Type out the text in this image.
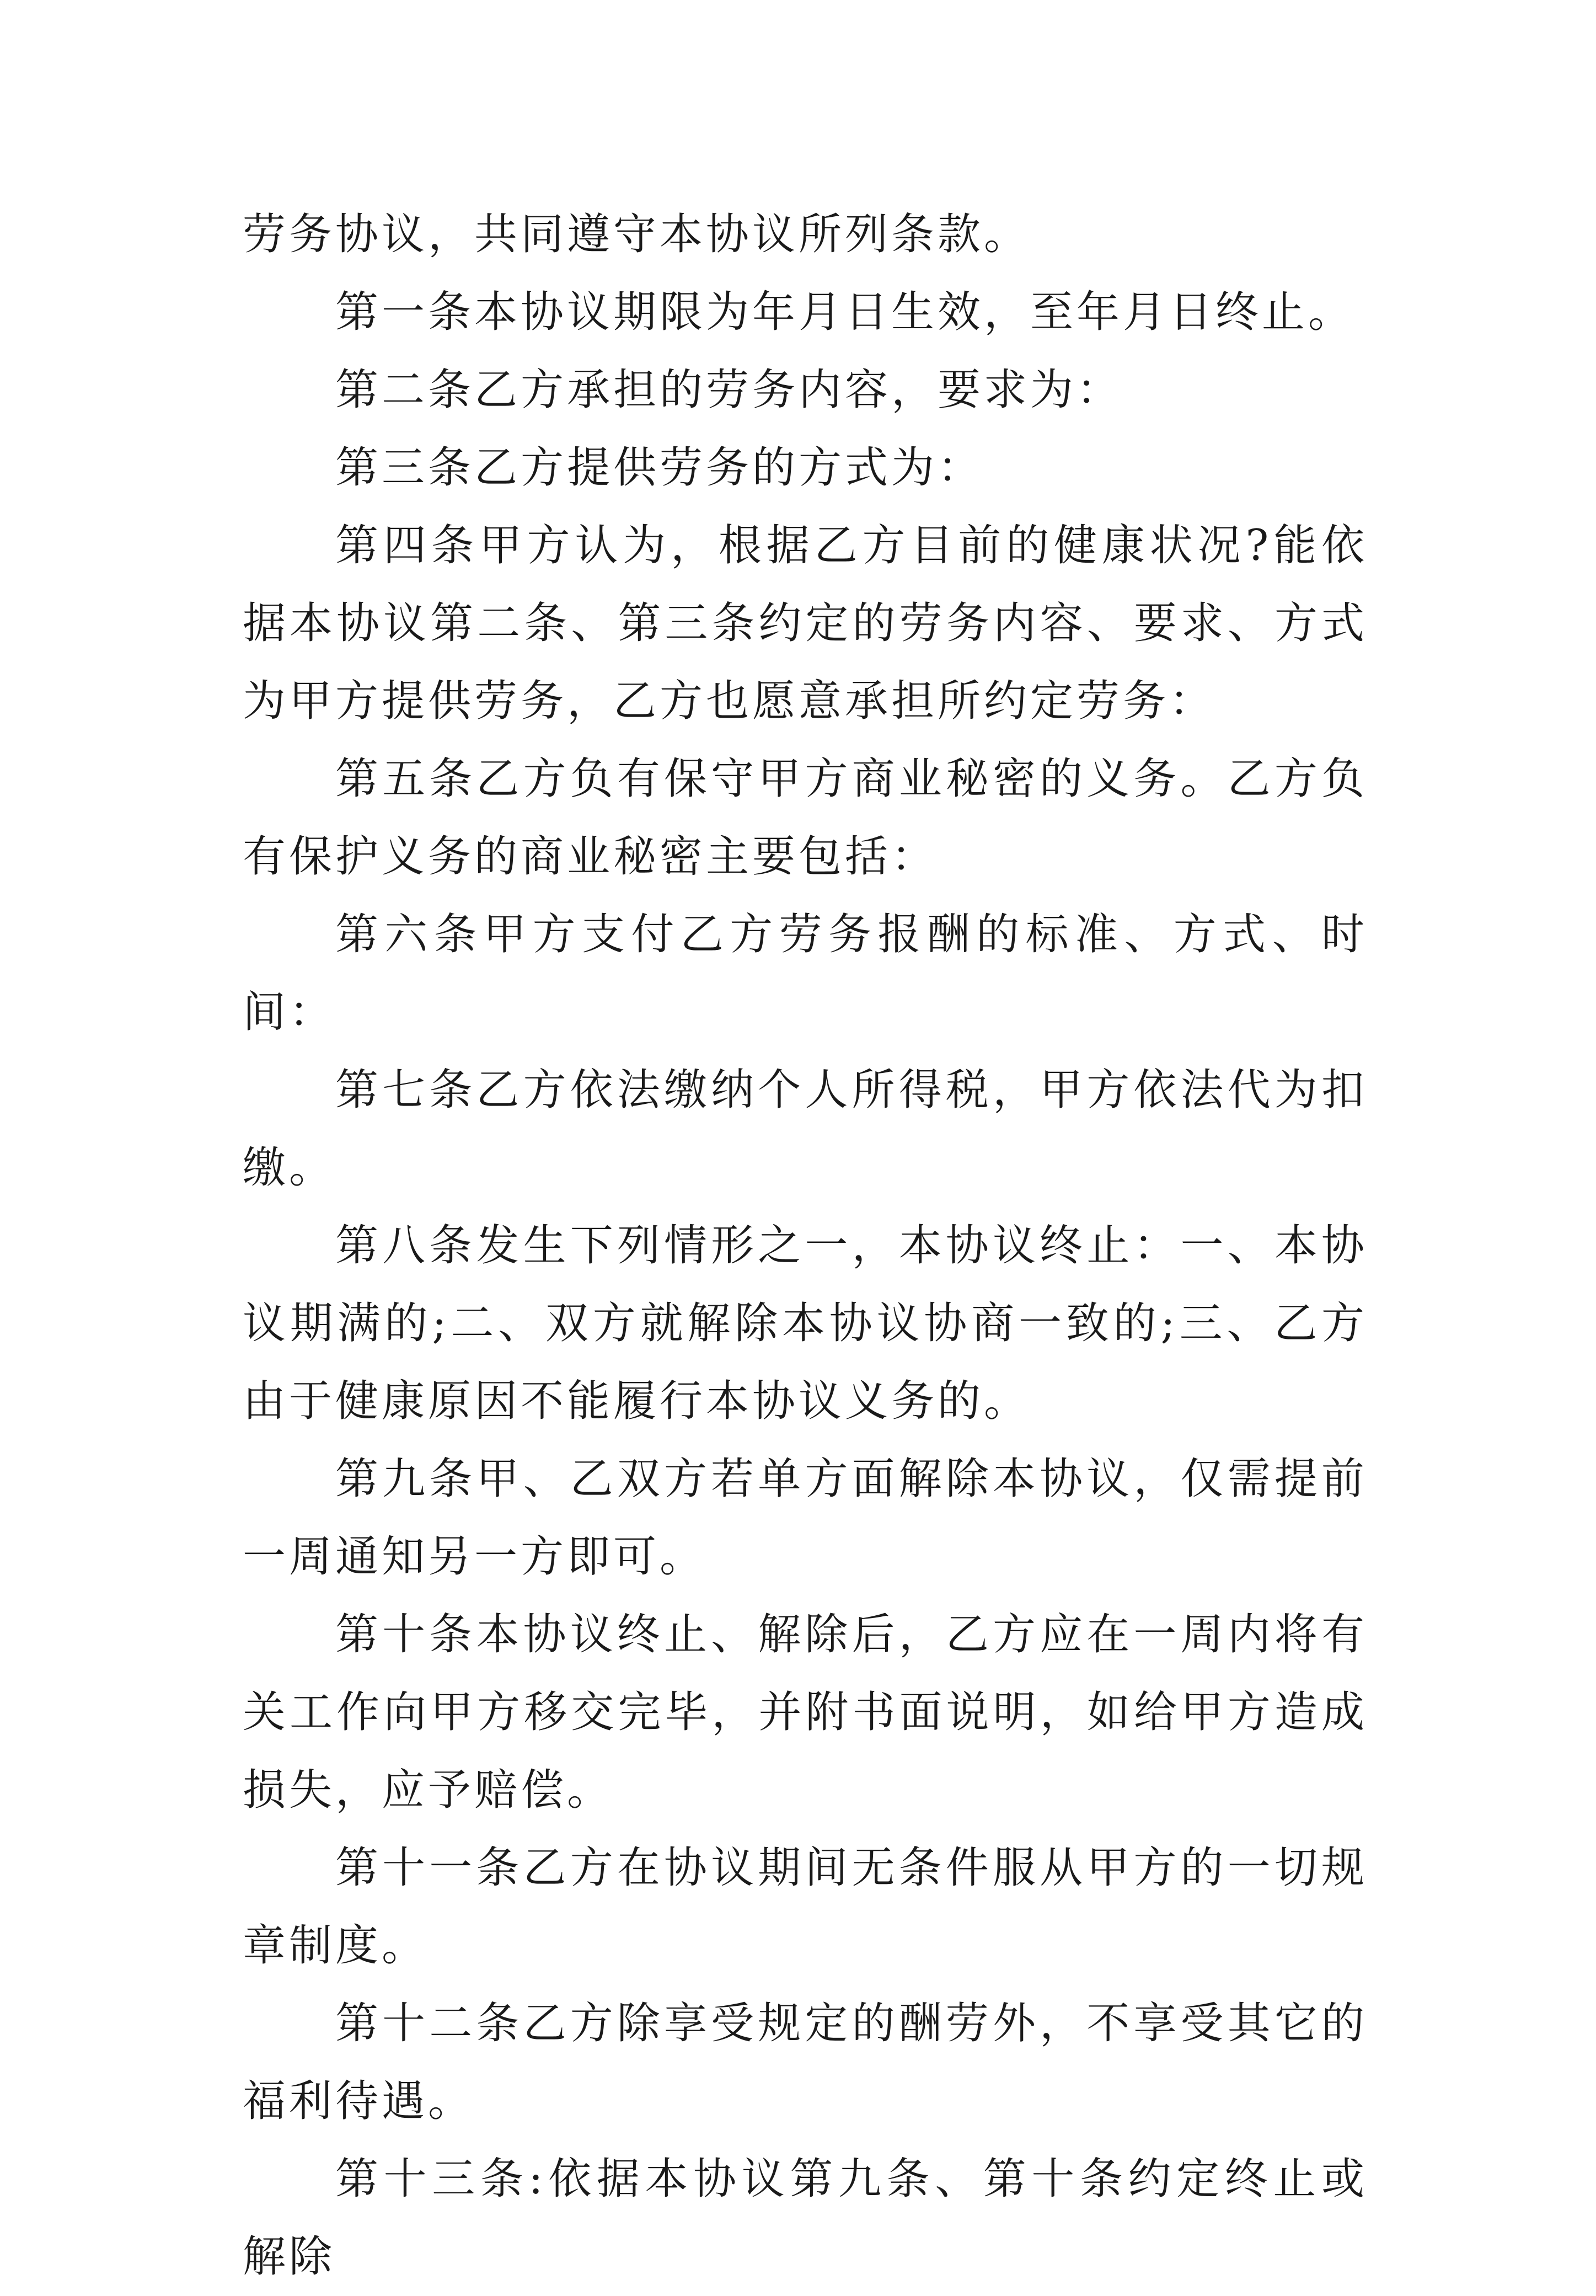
劳务协议，共同遵守本协议所列条款。

第一条本协议期限为年月日生效，至年月日终止。

第二条乙方承担的劳务内容，要求为：

第三条乙方提供劳务的方式为：

第四条甲方认为，根据乙方目前的健康状况?能依据本协议第二条、第三条约定的劳务内容、要求、方式为甲方提供劳务，乙方也愿意承担所约定劳务：

第五条乙方负有保守甲方商业秘密的义务。乙方负有保护义务的商业秘密主要包括：

第六条甲方支付乙方劳务报酬的标准、方式、时间：

第七条乙方依法缴纳个人所得税，甲方依法代为扣缴。

第八条发生下列情形之一，本协议终止：一、本协议期满的;二、双方就解除本协议协商一致的;三、乙方由于健康原因不能履行本协议义务的。

第九条甲、乙双方若单方面解除本协议，仅需提前一周通知另一方即可。

第十条本协议终止、解除后，乙方应在一周内将有关工作向甲方移交完毕，并附书面说明，如给甲方造成损失，应予赔偿。

第十一条乙方在协议期间无条件服从甲方的一切规章制度。

第十二条乙方除享受规定的酬劳外，不享受其它的福利待遇。

第十三条:依据本协议第九条、第十条约定终止或解除
